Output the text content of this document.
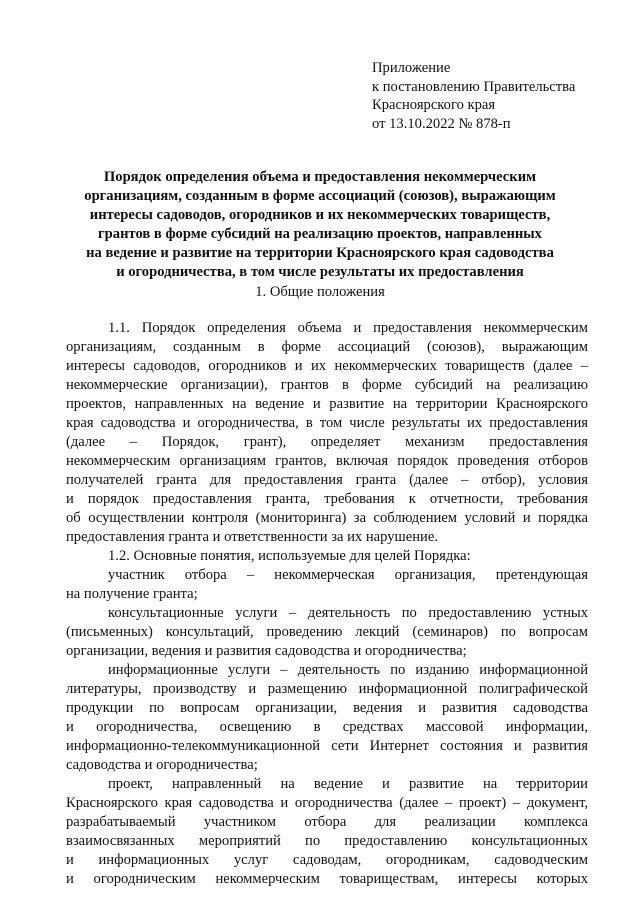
Приложение
к постановлению Правительства
Красноярского края
от 13.10.2022 № 878-п
Порядок определения объема и предоставления некоммерческим
организациям, созданным в форме ассоциаций (союзов), выражающим
интересы садоводов, огородников и их некоммерческих товариществ,
грантов в форме субсидий на реализацию проектов, направленных
на ведение и развитие на территории Красноярского края садоводства
и огородничества, в том числе результаты их предоставления
1. Общие положения
1.1. Порядок определения объема и предоставления некоммерческим
организациям, созданным в форме ассоциаций (союзов), выражающим
интересы садоводов, огородников и их некоммерческих товариществ (далее –
некоммерческие организации), грантов в форме субсидий на реализацию
проектов, направленных на ведение и развитие на территории Красноярского
края садоводства и огородничества, в том числе результаты их предоставления
(далее – Порядок, грант), определяет механизм предоставления
некоммерческим организациям грантов, включая порядок проведения отборов
получателей гранта для предоставления гранта (далее – отбор), условия
и порядок предоставления гранта, требования к отчетности, требования
об осуществлении контроля (мониторинга) за соблюдением условий и порядка
предоставления гранта и ответственности за их нарушение.
1.2. Основные понятия, используемые для целей Порядка:
участник отбора – некоммерческая организация, претендующая
на получение гранта;
консультационные услуги – деятельность по предоставлению устных
(письменных) консультаций, проведению лекций (семинаров) по вопросам
организации, ведения и развития садоводства и огородничества;
информационные услуги – деятельность по изданию информационной
литературы, производству и размещению информационной полиграфической
продукции по вопросам организации, ведения и развития садоводства
и огородничества, освещению в средствах массовой информации,
информационно-телекоммуникационной сети Интернет состояния и развития
садоводства и огородничества;
проект, направленный на ведение и развитие на территории
Красноярского края садоводства и огородничества (далее – проект) – документ,
разрабатываемый участником отбора для реализации комплекса
взаимосвязанных мероприятий по предоставлению консультационных
и информационных услуг садоводам, огородникам, садоводческим
и огородническим некоммерческим товариществам, интересы которых
